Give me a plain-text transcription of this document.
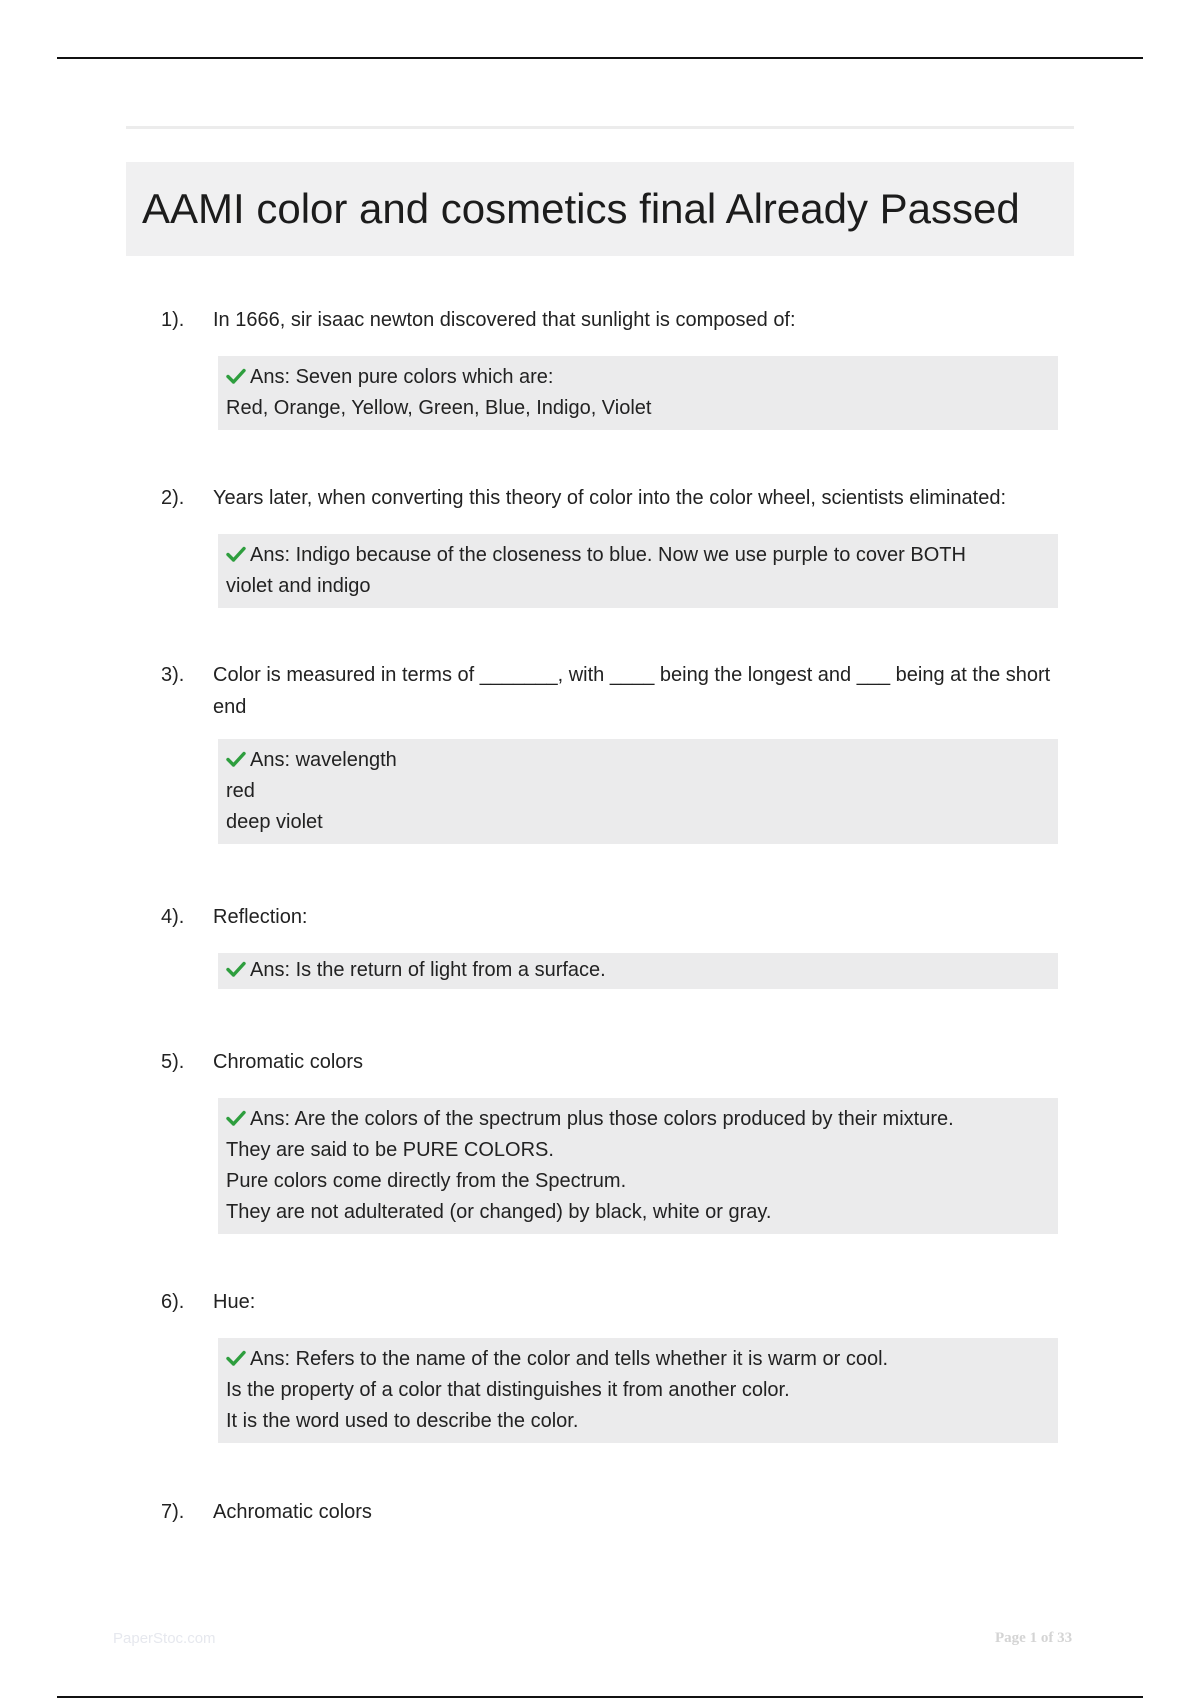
AAMI color and cosmetics final Already Passed
1).	In 1666, sir isaac newton discovered that sunlight is composed of:
Ans: Seven pure colors which are:
Red, Orange, Yellow, Green, Blue, Indigo, Violet
2).	Years later, when converting this theory of color into the color wheel, scientists eliminated:
Ans: Indigo because of the closeness to blue. Now we use purple to cover BOTH
violet and indigo
3).	Color is measured in terms of _______, with ____ being the longest and ___ being at the short end
Ans: wavelength
red
deep violet
4).	Reflection:
Ans: Is the return of light from a surface.
5).	Chromatic colors
Ans: Are the colors of the spectrum plus those colors produced by their mixture.
They are said to be PURE COLORS.
Pure colors come directly from the Spectrum.
They are not adulterated (or changed) by black, white or gray.
6).	Hue:
Ans: Refers to the name of the color and tells whether it is warm or cool.
Is the property of a color that distinguishes it from another color.
It is the word used to describe the color.
7).	Achromatic colors
PaperStoc.com	Page 1 of 33
